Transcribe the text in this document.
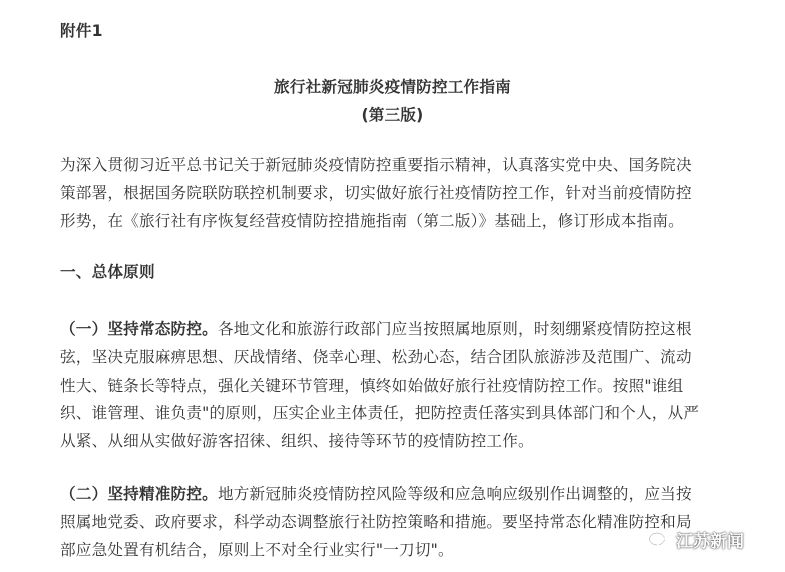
附件1
旅行社新冠肺炎疫情防控工作指南
(第三版)
为深入贯彻习近平总书记关于新冠肺炎疫情防控重要指示精神，认真落实党中央、国务院决
策部署，根据国务院联防联控机制要求，切实做好旅行社疫情防控工作，针对当前疫情防控
形势，在《旅行社有序恢复经营疫情防控措施指南（第二版）》基础上，修订形成本指南。
一、总体原则
（一）坚持常态防控。各地文化和旅游行政部门应当按照属地原则，时刻绷紧疫情防控这根
弦，坚决克服麻痹思想、厌战情绪、侥幸心理、松劲心态，结合团队旅游涉及范围广、流动
性大、链条长等特点，强化关键环节管理，慎终如始做好旅行社疫情防控工作。按照"谁组
织、谁管理、谁负责"的原则，压实企业主体责任，把防控责任落实到具体部门和个人，从严
从紧、从细从实做好游客招徕、组织、接待等环节的疫情防控工作。
（二）坚持精准防控。地方新冠肺炎疫情防控风险等级和应急响应级别作出调整的，应当按
照属地党委、政府要求，科学动态调整旅行社防控策略和措施。要坚持常态化精准防控和局
部应急处置有机结合，原则上不对全行业实行"一刀切"。	江苏新闻
